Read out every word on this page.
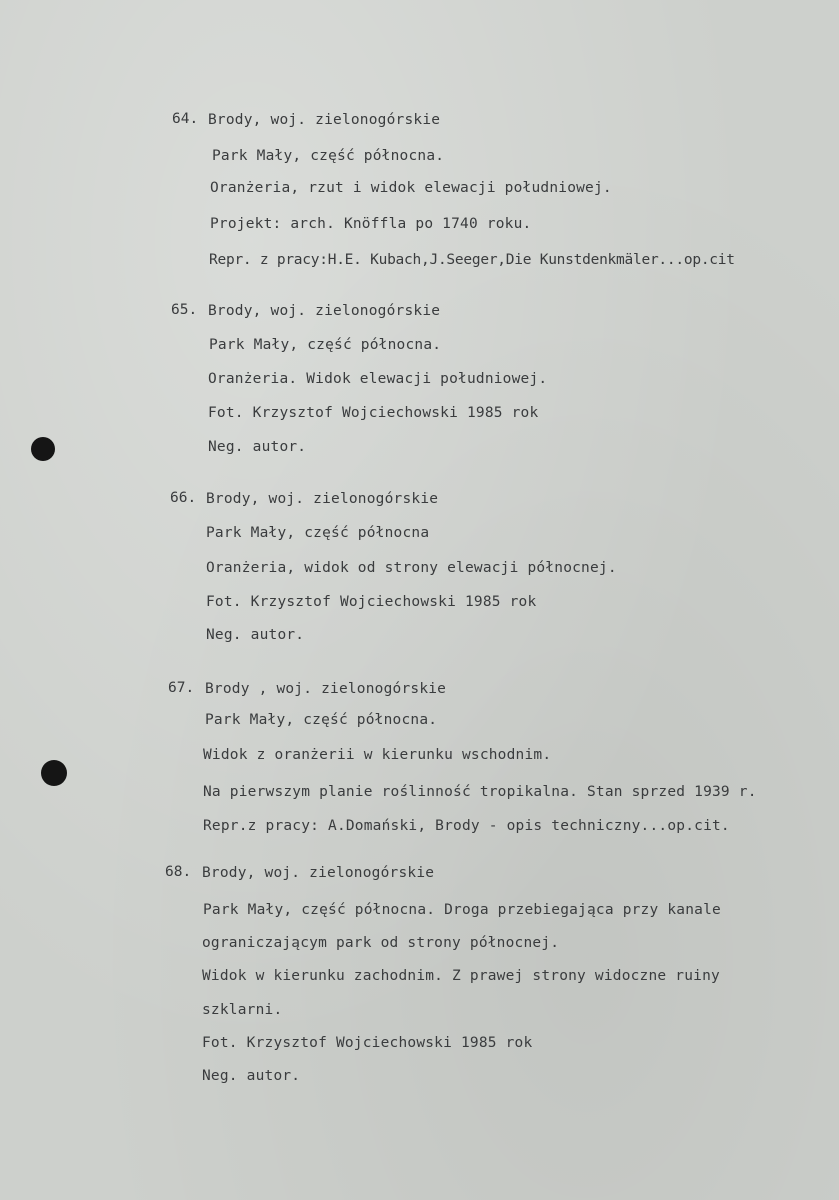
64. Brody, woj. zielonogórskie
Park Mały, część północna.
Oranżeria, rzut i widok elewacji południowej.
Projekt: arch. Knöffla po 1740 roku.
Repr. z pracy:H.E. Kubach,J.Seeger,Die Kunstdenkmäler...op.cit
65. Brody, woj. zielonogórskie
Park Mały, część północna.
Oranżeria. Widok elewacji południowej.
Fot. Krzysztof Wojciechowski 1985 rok
Neg. autor.
66. Brody, woj. zielonogórskie
Park Mały, część północna
Oranżeria, widok od strony elewacji północnej.
Fot. Krzysztof Wojciechowski 1985 rok
Neg. autor.
67. Brody , woj. zielonogórskie
Park Mały, część północna.
Widok z oranżerii w kierunku wschodnim.
Na pierwszym planie roślinność tropikalna. Stan sprzed 1939 r.
Repr.z pracy: A.Domański, Brody - opis techniczny...op.cit.
68. Brody, woj. zielonogórskie
Park Mały, część północna. Droga przebiegająca przy kanale
ograniczającym park od strony północnej.
Widok w kierunku zachodnim. Z prawej strony widoczne ruiny
szklarni.
Fot. Krzysztof Wojciechowski 1985 rok
Neg. autor.
